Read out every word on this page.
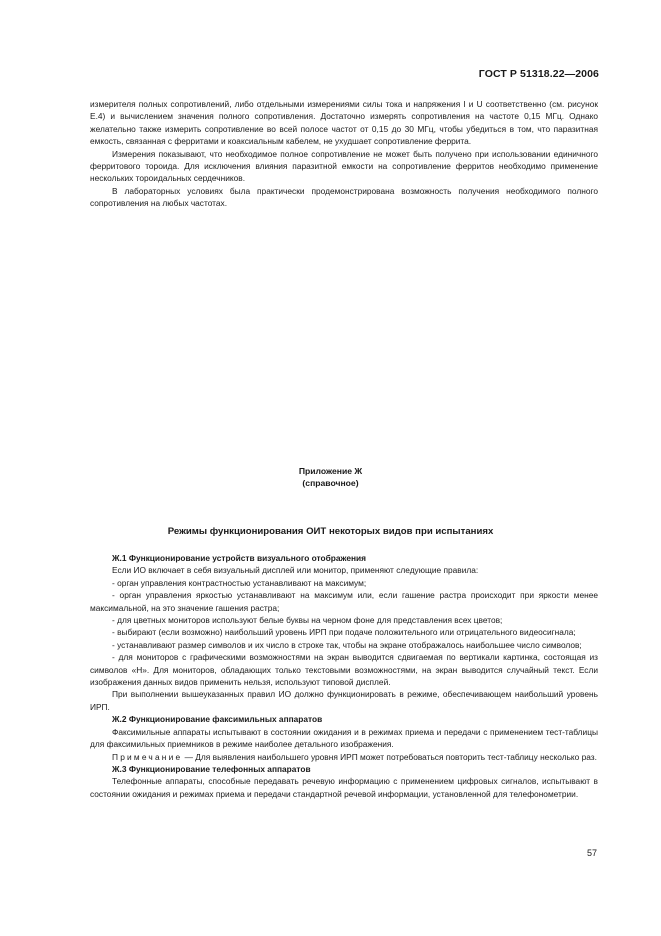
ГОСТ Р 51318.22—2006

измерителя полных сопротивлений, либо отдельными измерениями силы тока и напряжения I и U соответственно (см. рисунок Е.4) и вычислением значения полного сопротивления. Достаточно измерять сопротивления на частоте 0,15 МГц. Однако желательно также измерить сопротивление во всей полосе частот от 0,15 до 30 МГц, чтобы убедиться в том, что паразитная емкость, связанная с ферритами и коаксиальным кабелем, не ухудшает сопротивление феррита.

Измерения показывают, что необходимое полное сопротивление не может быть получено при использовании единичного ферритового тороида. Для исключения влияния паразитной емкости на сопротивление ферритов необходимо применение нескольких тороидальных сердечников.

В лабораторных условиях была практически продемонстрирована возможность получения необходимого полного сопротивления на любых частотах.

Приложение Ж
(справочное)
Режимы функционирования ОИТ некоторых видов при испытаниях

Ж.1 Функционирование устройств визуального отображения

Если ИО включает в себя визуальный дисплей или монитор, применяют следующие правила:

- орган управления контрастностью устанавливают на максимум;

- орган управления яркостью устанавливают на максимум или, если гашение растра происходит при яркости менее максимальной, на это значение гашения растра;

- для цветных мониторов используют белые буквы на черном фоне для представления всех цветов;

- выбирают (если возможно) наибольший уровень ИРП при подаче положительного или отрицательного видеосигнала;

- устанавливают размер символов и их число в строке так, чтобы на экране отображалось наибольшее число символов;

- для мониторов с графическими возможностями на экран выводится сдвигаемая по вертикали картинка, состоящая из символов «Н». Для мониторов, обладающих только текстовыми возможностями, на экран выводится случайный текст. Если изображения данных видов применить нельзя, используют типовой дисплей.

При выполнении вышеуказанных правил ИО должно функционировать в режиме, обеспечивающем наибольший уровень ИРП.

Ж.2 Функционирование факсимильных аппаратов

Факсимильные аппараты испытывают в состоянии ожидания и в режимах приема и передачи с применением тест-таблицы для факсимильных приемников в режиме наиболее детального изображения.

Примечание — Для выявления наибольшего уровня ИРП может потребоваться повторить тест-таблицу несколько раз.

Ж.3 Функционирование телефонных аппаратов

Телефонные аппараты, способные передавать речевую информацию с применением цифровых сигналов, испытывают в состоянии ожидания и режимах приема и передачи стандартной речевой информации, установленной для телефонометрии.

57
